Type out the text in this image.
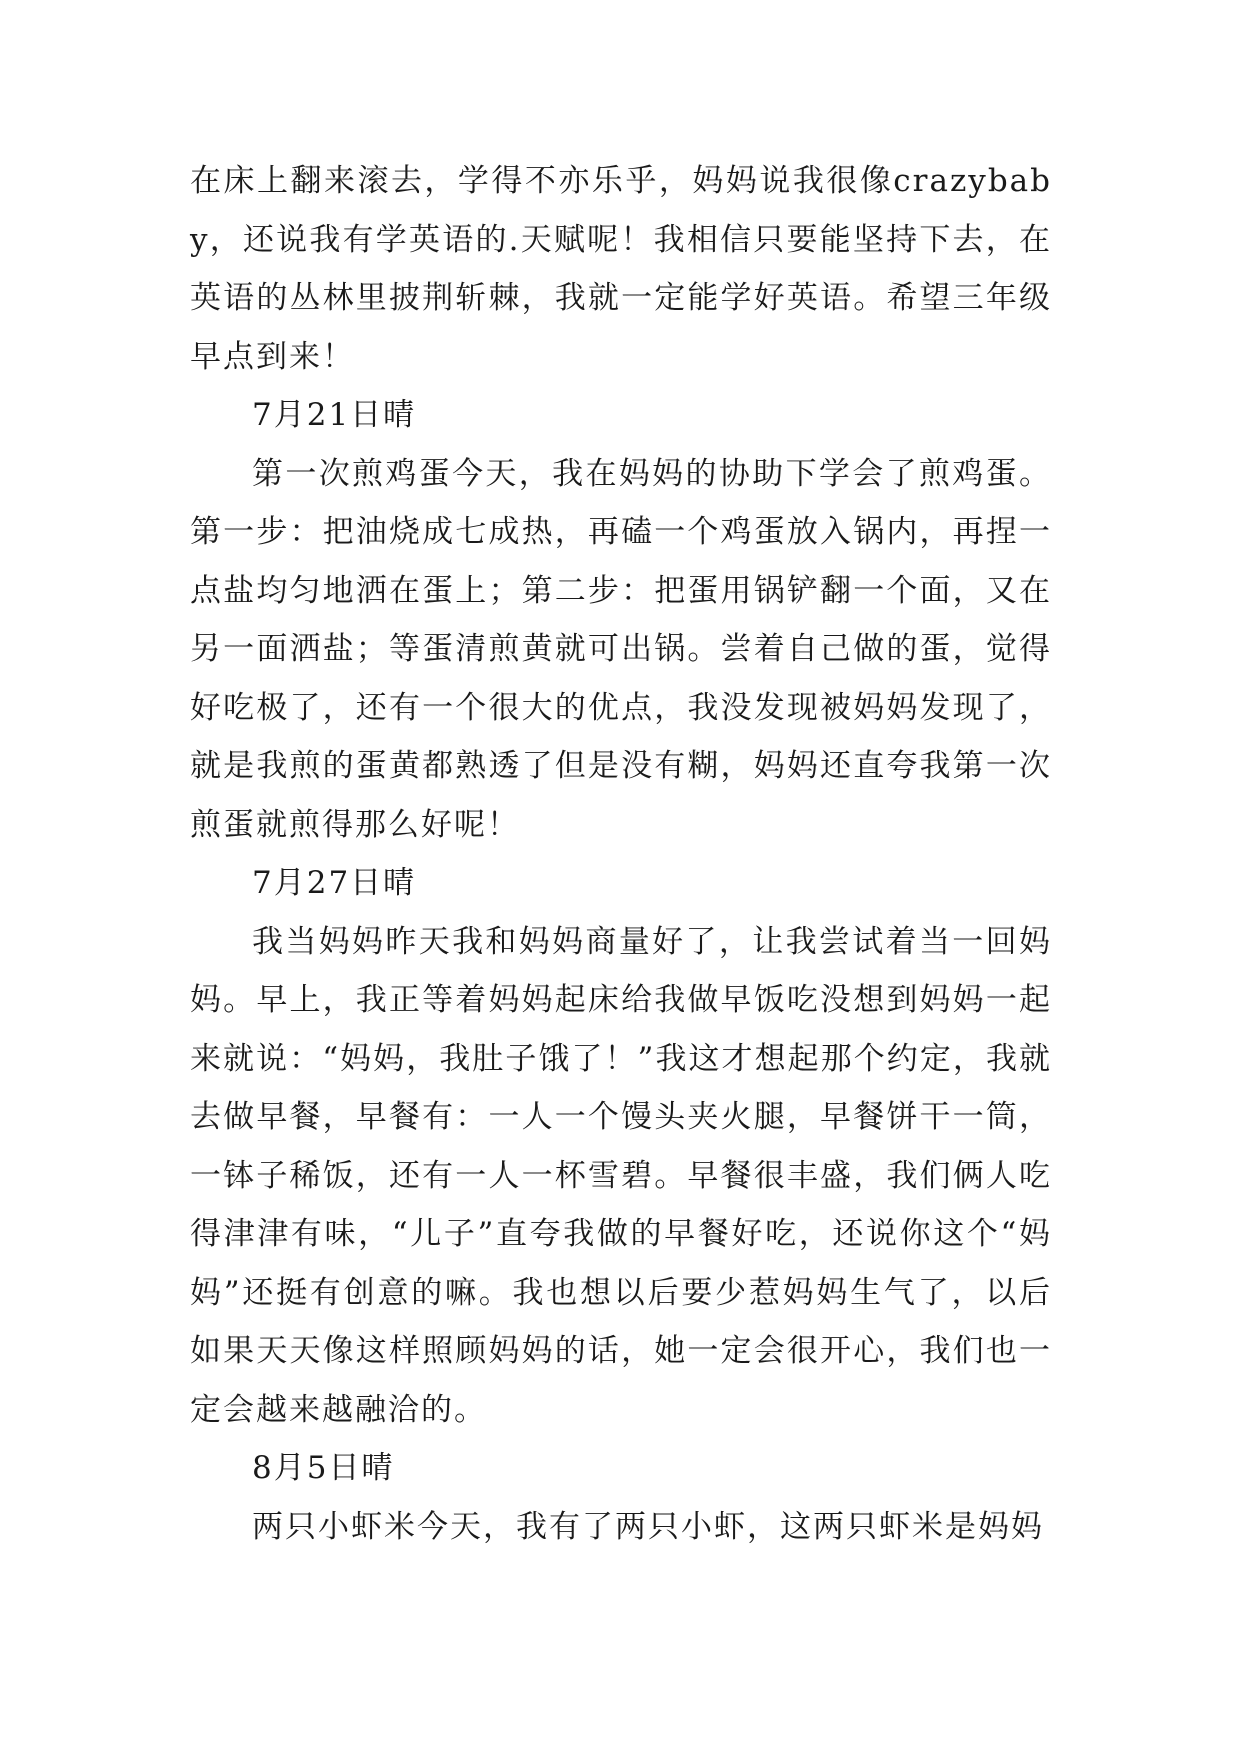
在床上翻来滚去，学得不亦乐乎，妈妈说我很像crazybaby，还说我有学英语的.天赋呢！我相信只要能坚持下去，在英语的丛林里披荆斩棘，我就一定能学好英语。希望三年级早点到来！

7月21日晴

第一次煎鸡蛋今天，我在妈妈的协助下学会了煎鸡蛋。第一步：把油烧成七成热，再磕一个鸡蛋放入锅内，再捏一点盐均匀地洒在蛋上；第二步：把蛋用锅铲翻一个面，又在另一面洒盐；等蛋清煎黄就可出锅。尝着自己做的蛋，觉得好吃极了，还有一个很大的优点，我没发现被妈妈发现了，就是我煎的蛋黄都熟透了但是没有糊，妈妈还直夸我第一次煎蛋就煎得那么好呢！

7月27日晴

我当妈妈昨天我和妈妈商量好了，让我尝试着当一回妈妈。早上，我正等着妈妈起床给我做早饭吃没想到妈妈一起来就说：“妈妈，我肚子饿了！”我这才想起那个约定，我就去做早餐，早餐有：一人一个馒头夹火腿，早餐饼干一筒，一钵子稀饭，还有一人一杯雪碧。早餐很丰盛，我们俩人吃得津津有味，“儿子”直夸我做的早餐好吃，还说你这个“妈妈”还挺有创意的嘛。我也想以后要少惹妈妈生气了，以后如果天天像这样照顾妈妈的话，她一定会很开心，我们也一定会越来越融洽的。

8月5日晴

两只小虾米今天，我有了两只小虾，这两只虾米是妈妈
